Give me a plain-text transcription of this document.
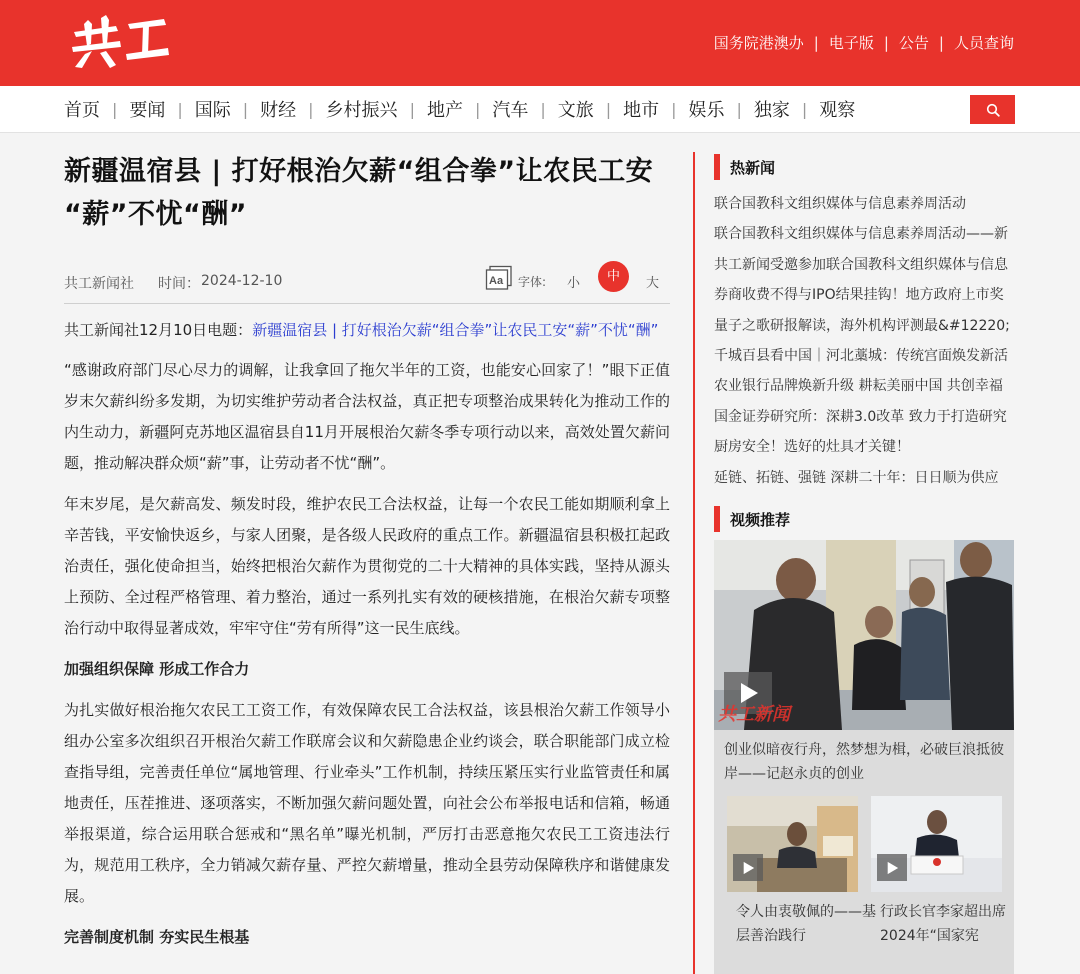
国务院港澳办 | 电子版 | 公告 | 人员查询
首页 | 要闻 | 国际 | 财经 | 乡村振兴 | 地产 | 汽车 | 文旅 | 地市 | 娱乐 | 独家 | 观察
新疆温宿县 | 打好根治欠薪“组合拳”让农民工安
“薪”不忧“酬”
共工新闻社 时间： 2024-12-10	Aa 字体: 小	中	大
共工新闻社12月10日电题：新疆温宿县 | 打好根治欠薪“组合拳”让农民工安“薪”不忧“酬”

“感谢政府部门尽心尽力的调解，让我拿回了拖欠半年的工资，也能安心回家了！”眼下正值岁末欠薪纠纷多发期，为切实维护劳动者合法权益，真正把专项整治成果转化为推动工作的内生动力，新疆阿克苏地区温宿县自11月开展根治欠薪冬季专项行动以来，高效处置欠薪问题，推动解决群众烦“薪”事，让劳动者不忧“酬”。

年末岁尾，是欠薪高发、频发时段，维护农民工合法权益，让每一个农民工能如期顺利拿上辛苦钱，平安愉快返乡，与家人团聚，是各级人民政府的重点工作。新疆温宿县积极扛起政治责任，强化使命担当，始终把根治欠薪作为贯彻党的二十大精神的具体实践，坚持从源头上预防、全过程严格管理、着力整治，通过一系列扎实有效的硬核措施，在根治欠薪专项整治行动中取得显著成效，牢牢守住“劳有所得”这一民生底线。

加强组织保障 形成工作合力

为扎实做好根治拖欠农民工工资工作，有效保障农民工合法权益，该县根治欠薪工作领导小组办公室多次组织召开根治欠薪工作联席会议和欠薪隐患企业约谈会，联合职能部门成立检查指导组，完善责任单位“属地管理、行业牵头”工作机制，持续压紧压实行业监管责任和属地责任，压茬推进、逐项落实，不断加强欠薪问题处置，向社会公布举报电话和信箱，畅通举报渠道，综合运用联合惩戒和“黑名单”曝光机制，严厉打击恶意拖欠农民工工资违法行为，规范用工秩序，全力销减欠薪存量、严控欠薪增量，推动全县劳动保障秩序和谐健康发展。

完善制度机制 夯实民生根基
热新闻
联合国教科文组织媒体与信息素养周活动
联合国教科文组织媒体与信息素养周活动——新
共工新闻受邀参加联合国教科文组织媒体与信息
券商收费不得与IPO结果挂钩！地方政府上市奖
量子之歌研报解读，海外机构评测最&#12220;
千城百县看中国｜河北藁城：传统宫面焕发新活
农业银行品牌焕新升级 耕耘美丽中国 共创幸福
国金证券研究所：深耕3.0改革 致力于打造研究
厨房安全！选好的灶具才关键！
延链、拓链、强链 深耕二十年：日日顺为供应
视频推荐
共工新闻
创业似暗夜行舟，然梦想为楫，必破巨浪抵彼岸——记赵永贞的创业
令人由衷敬佩的——基层善治践行
行政长官李家超出席2024年“国家宪
